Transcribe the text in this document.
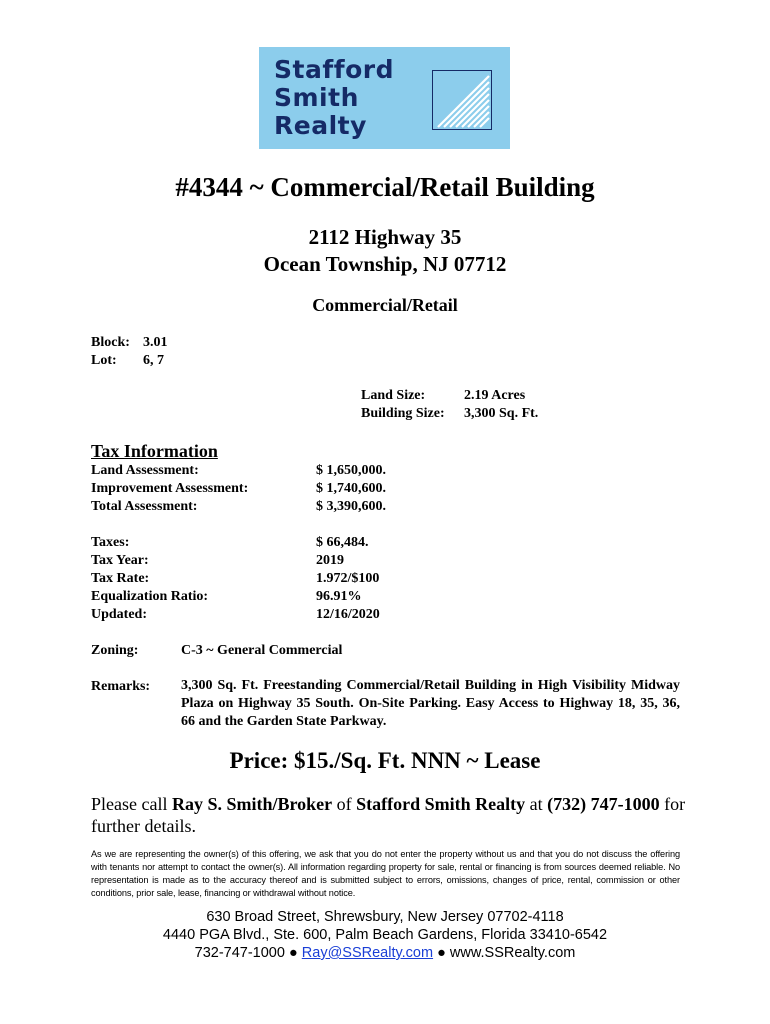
Stafford
Smith
Realty
#4344 ~ Commercial/Retail Building
2112 Highway 35
Ocean Township, NJ 07712
Commercial/Retail
Block: 3.01
Lot: 6, 7
Land Size:	2.19 Acres
Building Size: 3,300 Sq. Ft.
Tax Information
Land Assessment:	$ 1,650,000.
Improvement Assessment:	$ 1,740,600.
Total Assessment:	$ 3,390,600.
Taxes:	$ 66,484.
Tax Year:	2019
Tax Rate:	1.972/$100
Equalization Ratio:	96.91%
Updated:	12/16/2020
Zoning:	C-3 ~ General Commercial
Remarks: 3,300 Sq. Ft. Freestanding Commercial/Retail Building in High Visibility Midway Plaza on Highway 35 South. On-Site Parking. Easy Access to Highway 18, 35, 36, 66 and the Garden State Parkway.
Price: $15./Sq. Ft. NNN ~ Lease
Please call Ray S. Smith/Broker of Stafford Smith Realty at (732) 747-1000 for further details.
As we are representing the owner(s) of this offering, we ask that you do not enter the property without us and that you do not discuss the offering with tenants nor attempt to contact the owner(s). All information regarding property for sale, rental or financing is from sources deemed reliable. No representation is made as to the accuracy thereof and is submitted subject to errors, omissions, changes of price, rental, commission or other conditions, prior sale, lease, financing or withdrawal without notice.
630 Broad Street, Shrewsbury, New Jersey 07702-4118
4440 PGA Blvd., Ste. 600, Palm Beach Gardens, Florida 33410-6542
732-747-1000 ● Ray@SSRealty.com ● www.SSRealty.com
